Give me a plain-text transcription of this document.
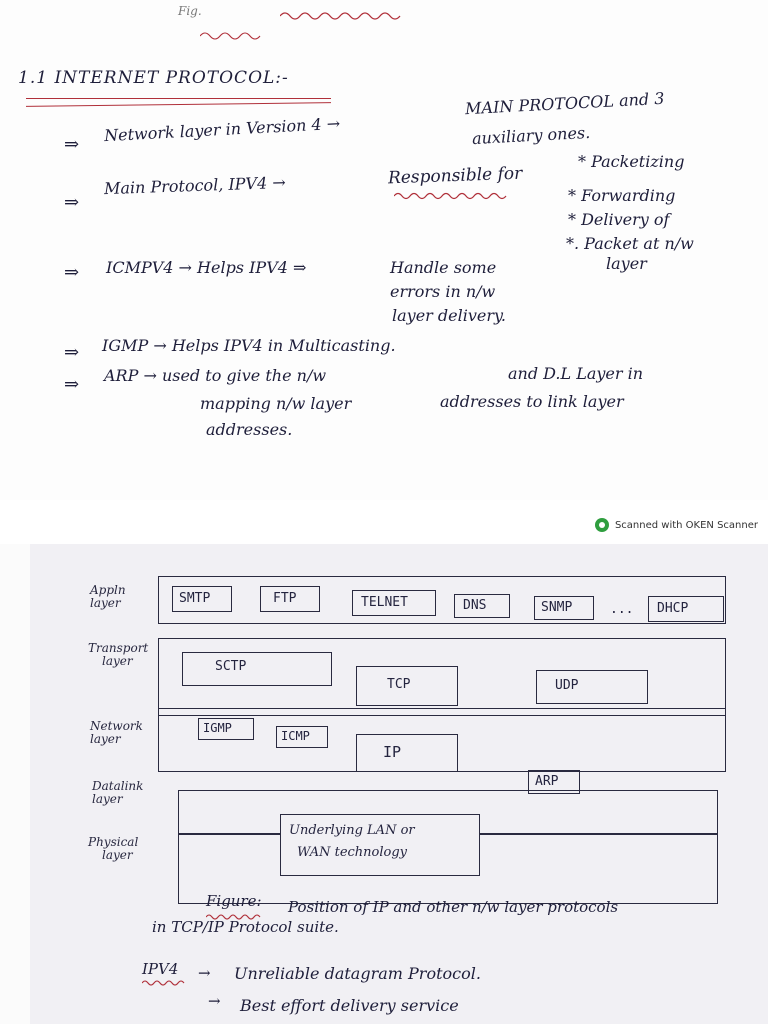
Fig.
1.1 INTERNET PROTOCOL:-
⇒ Network layer in Version 4 →
MAIN PROTOCOL and 3
auxiliary ones.
⇒
Main Protocol, IPV4 →	Responsible for
* Packetizing
* Forwarding
* Delivery of
*. Packet at n/w
layer
⇒ ICMPV4 → Helps IPV4 ⇒	Handle some
errors in n/w
layer delivery.
⇒ IGMP → Helps IPV4 in Multicasting.
⇒ ARP → used to give the n/w	and D.L Layer in
mapping n/w layer	addresses to link layer
addresses.
Scanned with OKEN Scanner
Appln
layer
Transport
layer
Network
layer
Datalink
layer
Physical
layer
SMTP	FTP	TELNET	DNS	SNMP	... DHCP
SCTP
TCP	UDP
IGMP
ICMP
IP
ARP
Underlying LAN or
WAN technology
Figure: Position of IP and other n/w layer protocols
in TCP/IP Protocol suite.
IPV4 → Unreliable datagram Protocol.
→ Best effort delivery service
